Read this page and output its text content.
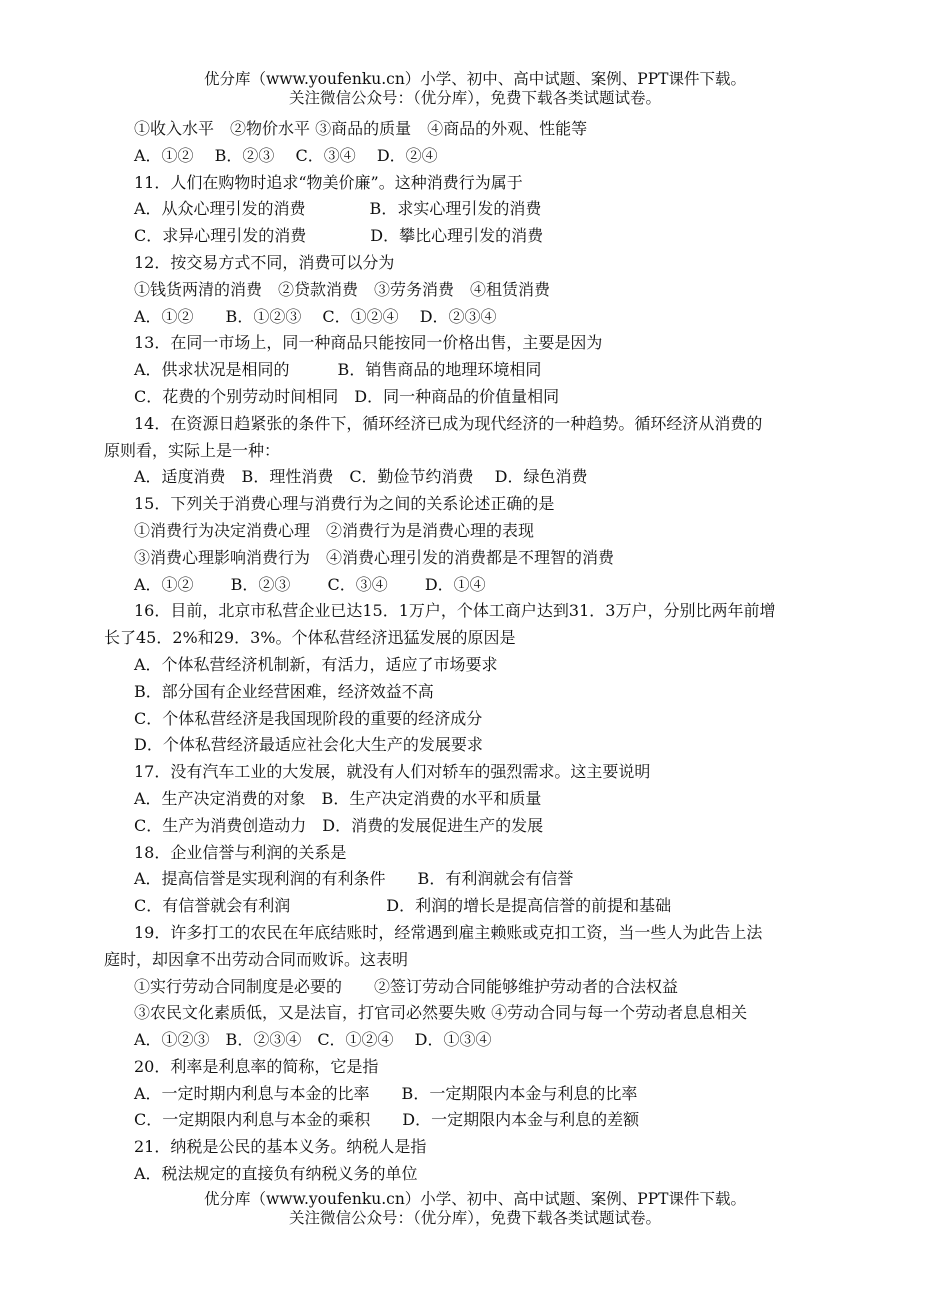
优分库（www.youfenku.cn）小学、初中、高中试题、案例、PPT课件下载。
关注微信公众号：（优分库），免费下载各类试题试卷。
①收入水平　②物价水平 ③商品的质量　④商品的外观、性能等
A．①②　 B．②③　 C．③④　 D．②④
11．人们在购物时追求“物美价廉”。这种消费行为属于
A．从众心理引发的消费　　　　B．求实心理引发的消费
C．求异心理引发的消费　　　　D．攀比心理引发的消费
12．按交易方式不同，消费可以分为
①钱货两清的消费　②贷款消费　③劳务消费　④租赁消费
A．①②　　B．①②③　 C．①②④　 D．②③④
13．在同一市场上，同一种商品只能按同一价格出售，主要是因为
A．供求状况是相同的　　　B．销售商品的地理环境相同
C．花费的个别劳动时间相同　D．同一种商品的价值量相同
14．在资源日趋紧张的条件下，循环经济已成为现代经济的一种趋势。循环经济从消费的
原则看，实际上是一种：
A．适度消费　B．理性消费　C．勤俭节约消费　 D．绿色消费
15．下列关于消费心理与消费行为之间的关系论述正确的是
①消费行为决定消费心理　②消费行为是消费心理的表现
③消费心理影响消费行为　④消费心理引发的消费都是不理智的消费
A．①②　　 B．②③　　 C．③④　　 D．①④
16．目前，北京市私营企业已达15．1万户，个体工商户达到31．3万户，分别比两年前增
长了45．2%和29．3%。个体私营经济迅猛发展的原因是
A．个体私营经济机制新，有活力，适应了市场要求
B．部分国有企业经营困难，经济效益不高
C．个体私营经济是我国现阶段的重要的经济成分
D．个体私营经济最适应社会化大生产的发展要求
17．没有汽车工业的大发展，就没有人们对轿车的强烈需求。这主要说明
A．生产决定消费的对象　B．生产决定消费的水平和质量
C．生产为消费创造动力　D．消费的发展促进生产的发展
18．企业信誉与利润的关系是
A．提高信誉是实现利润的有利条件　　B．有利润就会有信誉
C．有信誉就会有利润　　　　　　D．利润的增长是提高信誉的前提和基础
19．许多打工的农民在年底结账时，经常遇到雇主赖账或克扣工资，当一些人为此告上法
庭时，却因拿不出劳动合同而败诉。这表明
①实行劳动合同制度是必要的　　②签订劳动合同能够维护劳动者的合法权益
③农民文化素质低，又是法盲，打官司必然要失败 ④劳动合同与每一个劳动者息息相关
A．①②③　B．②③④　C．①②④　 D．①③④
20．利率是利息率的简称，它是指
A．一定时期内利息与本金的比率　　B．一定期限内本金与利息的比率
C．一定期限内利息与本金的乘积　　D．一定期限内本金与利息的差额
21．纳税是公民的基本义务。纳税人是指
A．税法规定的直接负有纳税义务的单位
优分库（www.youfenku.cn）小学、初中、高中试题、案例、PPT课件下载。
关注微信公众号：（优分库），免费下载各类试题试卷。
